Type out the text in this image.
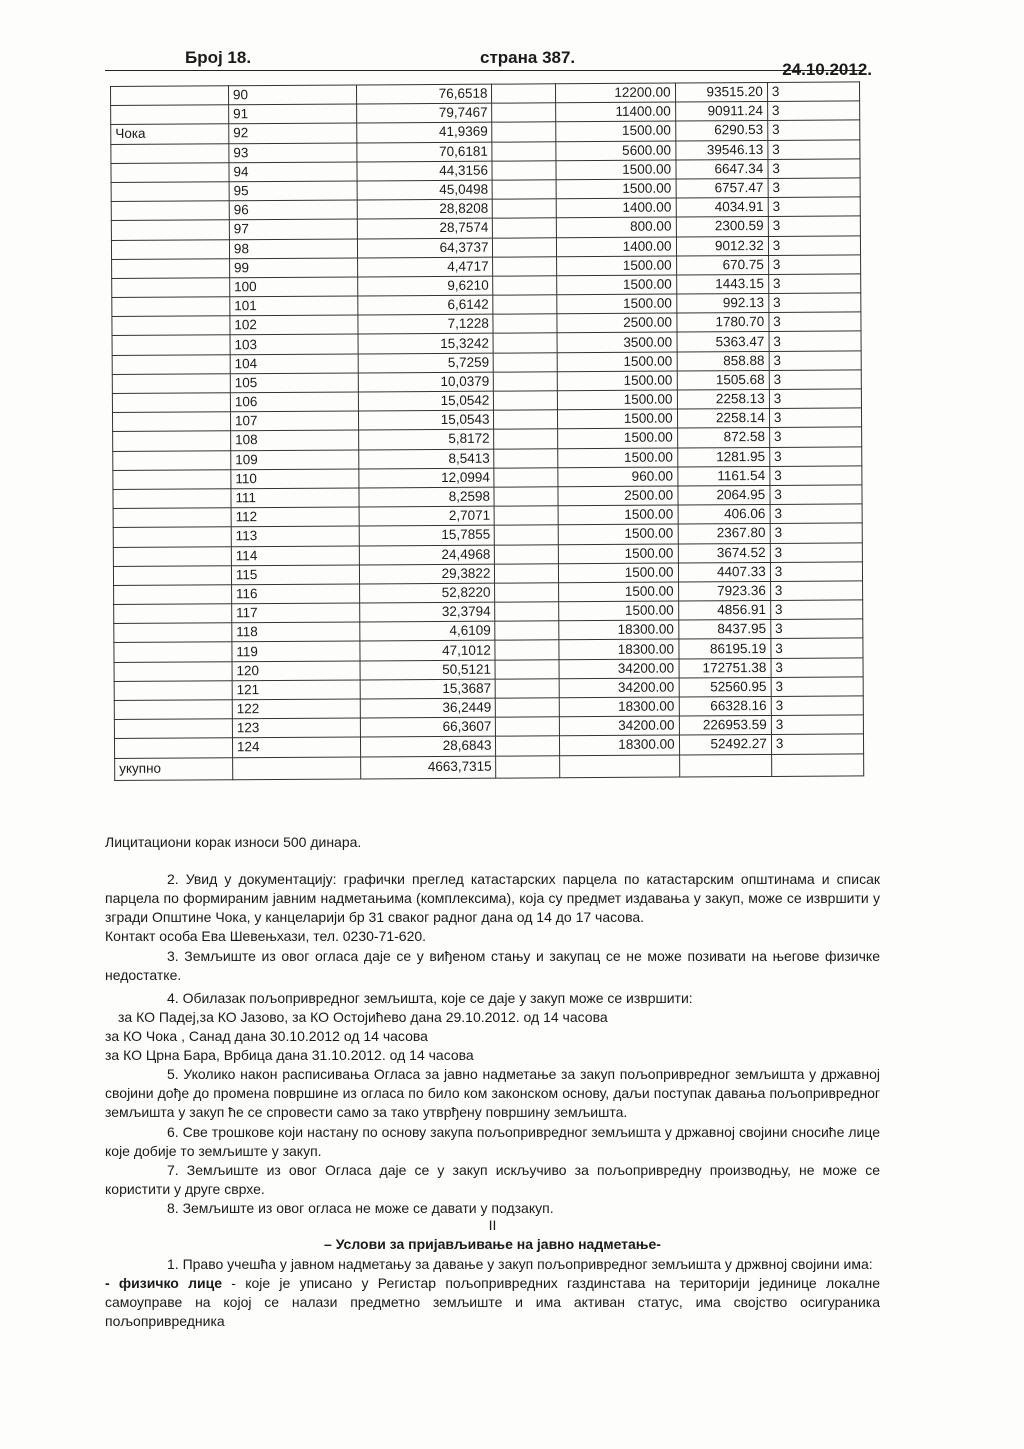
Број 18.	страна 387.
24.10.2012.
	90	76,6518		12200.00	93515.20	3
	91	79,7467		11400.00	90911.24	3
Чока	92	41,9369		1500.00	6290.53	3
	93	70,6181		5600.00	39546.13	3
	94	44,3156		1500.00	6647.34	3
	95	45,0498		1500.00	6757.47	3
	96	28,8208		1400.00	4034.91	3
	97	28,7574		800.00	2300.59	3
	98	64,3737		1400.00	9012.32	3
	99	4,4717		1500.00	670.75	3
	100	9,6210		1500.00	1443.15	3
	101	6,6142		1500.00	992.13	3
	102	7,1228		2500.00	1780.70	3
	103	15,3242		3500.00	5363.47	3
	104	5,7259		1500.00	858.88	3
	105	10,0379		1500.00	1505.68	3
	106	15,0542		1500.00	2258.13	3
	107	15,0543		1500.00	2258.14	3
	108	5,8172		1500.00	872.58	3
	109	8,5413		1500.00	1281.95	3
	110	12,0994		960.00	1161.54	3
	111	8,2598		2500.00	2064.95	3
	112	2,7071		1500.00	406.06	3
	113	15,7855		1500.00	2367.80	3
	114	24,4968		1500.00	3674.52	3
	115	29,3822		1500.00	4407.33	3
	116	52,8220		1500.00	7923.36	3
	117	32,3794		1500.00	4856.91	3
	118	4,6109		18300.00	8437.95	3
	119	47,1012		18300.00	86195.19	3
	120	50,5121		34200.00	172751.38	3
	121	15,3687		34200.00	52560.95	3
	122	36,2449		18300.00	66328.16	3
	123	66,3607		34200.00	226953.59	3
	124	28,6843		18300.00	52492.27	3
укупно		4663,7315				
Лицитациони корак износи 500 динара.
2. Увид у документацију: графички преглед катастарских парцела по катастарским општинама и списак парцела по формираним јавним надметањима (комплексима), која су предмет издавања у закуп, може се извршити у згради Општине Чока, у канцеларији бр 31 сваког радног дана од 14 до 17 часова.
Контакт особа Ева Шевењхази, тел. 0230-71-620.
3. Земљиште из овог огласа даје се у виђеном стању и закупац се не може позивати на његове физичке недостатке.
4. Обилазак пољопривредног земљишта, које се даје у закуп може се извршити:
за КО Падеј,за КО Јазово, за КО Остојићево дана 29.10.2012. од 14 часова
за КО Чока , Санад дана 30.10.2012 од 14 часова
за КО Црна Бара, Врбица дана 31.10.2012. од 14 часова
5. Уколико након расписивања Огласа за јавно надметање за закуп пољопривредног земљишта у државној својини дође до промена површине из огласа по било ком законском основу, даљи поступак давања пољопривредног земљишта у закуп ће се спровести само за тако утврђену површину земљишта.
6. Све трошкове који настану по основу закупа пољопривредног земљишта у државној својини сносиће лице које добије то земљиште у закуп.
7. Земљиште из овог Огласа даје се у закуп искључиво за пољопривредну производњу, не може се користити у друге сврхе.
8. Земљиште из овог огласа не може се давати у подзакуп.
II
– Услови за пријављивање на јавно надметање-
1. Право учешћа у јавном надметању за давање у закуп пољопривредног земљишта у држвној својини има:
- физичко лице - које је уписано у Регистар пољопривредних газдинстава на територији јединице локалне самоуправе на којој се налази предметно земљиште и има активан статус, има својство осигураника пољопривредника
